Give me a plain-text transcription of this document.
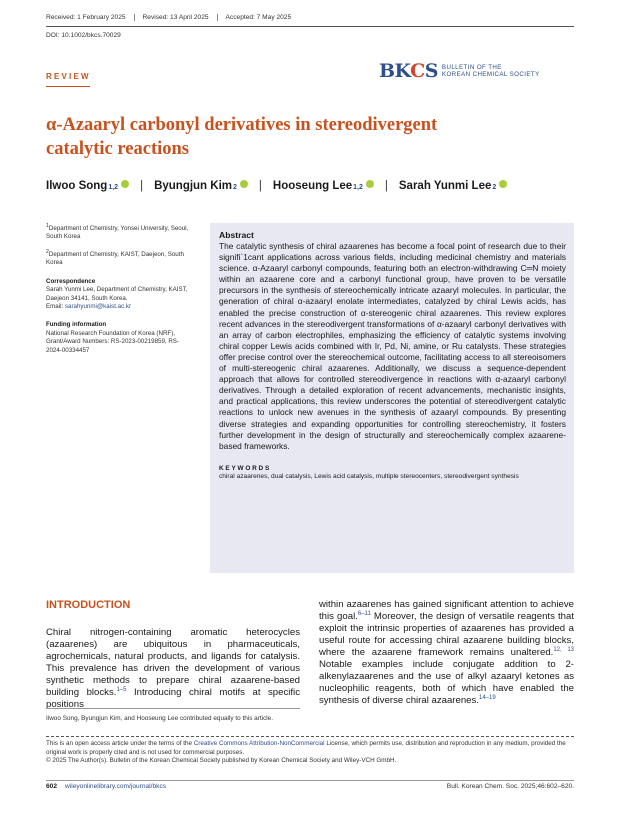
Received: 1 February 2025	Revised: 13 April 2025	Accepted: 7 May 2025
DOI: 10.1002/bkcs.70029
REVIEW	BKCS BULLETIN OF THE
KOREAN CHEMICAL SOCIETY
α-Azaaryl carbonyl derivatives in stereodivergent catalytic reactions
Ilwoo Song 1,2 | Byungjun Kim 2 | Hooseung Lee 1,2 | Sarah Yunmi Lee 2

$^1$Department of Chemistry, Yonsei University, Seoul, South Korea

$^2$Department of Chemistry, KAIST, Daejeon, South Korea

Correspondence

Sarah Yunmi Lee, Department of Chemistry, KAIST, Daejeon 34141, South Korea.
Email: sarahyunmi@kaist.ac.kr

Funding information

National Research Foundation of Korea (NRF), Grant/Award Numbers: RS-2023-00219859, RS-2024-00334457

Abstract

The catalytic synthesis of chiral azaarenes has become a focal point of research due to their signifi`1cant applications across various fields, including medicinal chemistry and materials science. α-Azaaryl carbonyl compounds, featuring both an electron-withdrawing C═N moiety within an azaarene core and a carbonyl functional group, have proven to be versatile precursors in the synthesis of stereochemically intricate azaaryl molecules. In particular, the generation of chiral α-azaaryl enolate intermediates, catalyzed by chiral Lewis acids, has enabled the precise construction of α-stereogenic chiral azaarenes. This review explores recent advances in the stereodivergent transformations of α-azaaryl carbonyl derivatives with an array of carbon electrophiles, emphasizing the efficiency of catalytic systems involving chiral copper Lewis acids combined with Ir, Pd, Ni, amine, or Ru catalysts. These strategies offer precise control over the stereochemical outcome, facilitating access to all stereoisomers of multi-stereogenic chiral azaarenes. Additionally, we discuss a sequence-dependent approach that allows for controlled stereodivergence in reactions with α-azaaryl carbonyl derivatives. Through a detailed exploration of recent advancements, mechanistic insights, and practical applications, this review underscores the potential of stereodivergent catalytic reactions to unlock new avenues in the synthesis of azaaryl compounds. By presenting diverse strategies and expanding opportunities for controlling stereochemistry, it fosters further development in the design of structurally and stereochemically complex azaarene-based frameworks.

KEYWORDS

chiral azaarenes, dual catalysis, Lewis acid catalysis, multiple stereocenters, stereodivergent synthesis

INTRODUCTION
Chiral nitrogen-containing aromatic heterocycles (azaarenes) are ubiquitous in pharmaceuticals, agrochemicals, natural products, and ligands for catalysis. This prevalence has driven the development of various synthetic methods to prepare chiral azaarene-based building blocks.$^{1-5}$ Introducing chiral motifs at specific positions
within azaarenes has gained significant attention to achieve this goal.$^{6-11}$ Moreover, the design of versatile reagents that exploit the intrinsic properties of azaarenes has provided a useful route for accessing chiral azaarene building blocks, where the azaarene framework remains unaltered.$^{12, 13}$ Notable examples include conjugate addition to 2-alkenylazaarenes and the use of alkyl azaaryl ketones as nucleophilic reagents, both of which have enabled the synthesis of diverse chiral azaarenes.$^{14-19}$
Ilwoo Song, Byungjun Kim, and Hooseung Lee contributed equally to this article.
This is an open access article under the terms of the Creative Commons Attribution-NonCommercial License, which permits use, distribution and reproduction in any medium, provided the original work is properly cited and is not used for commercial purposes.
© 2025 The Author(s). Bulletin of the Korean Chemical Society published by Korean Chemical Society and Wiley-VCH GmbH.
602 wileyonlinelibrary.com/journal/bkcs	Bull. Korean Chem. Soc. 2025;46:602–620.
